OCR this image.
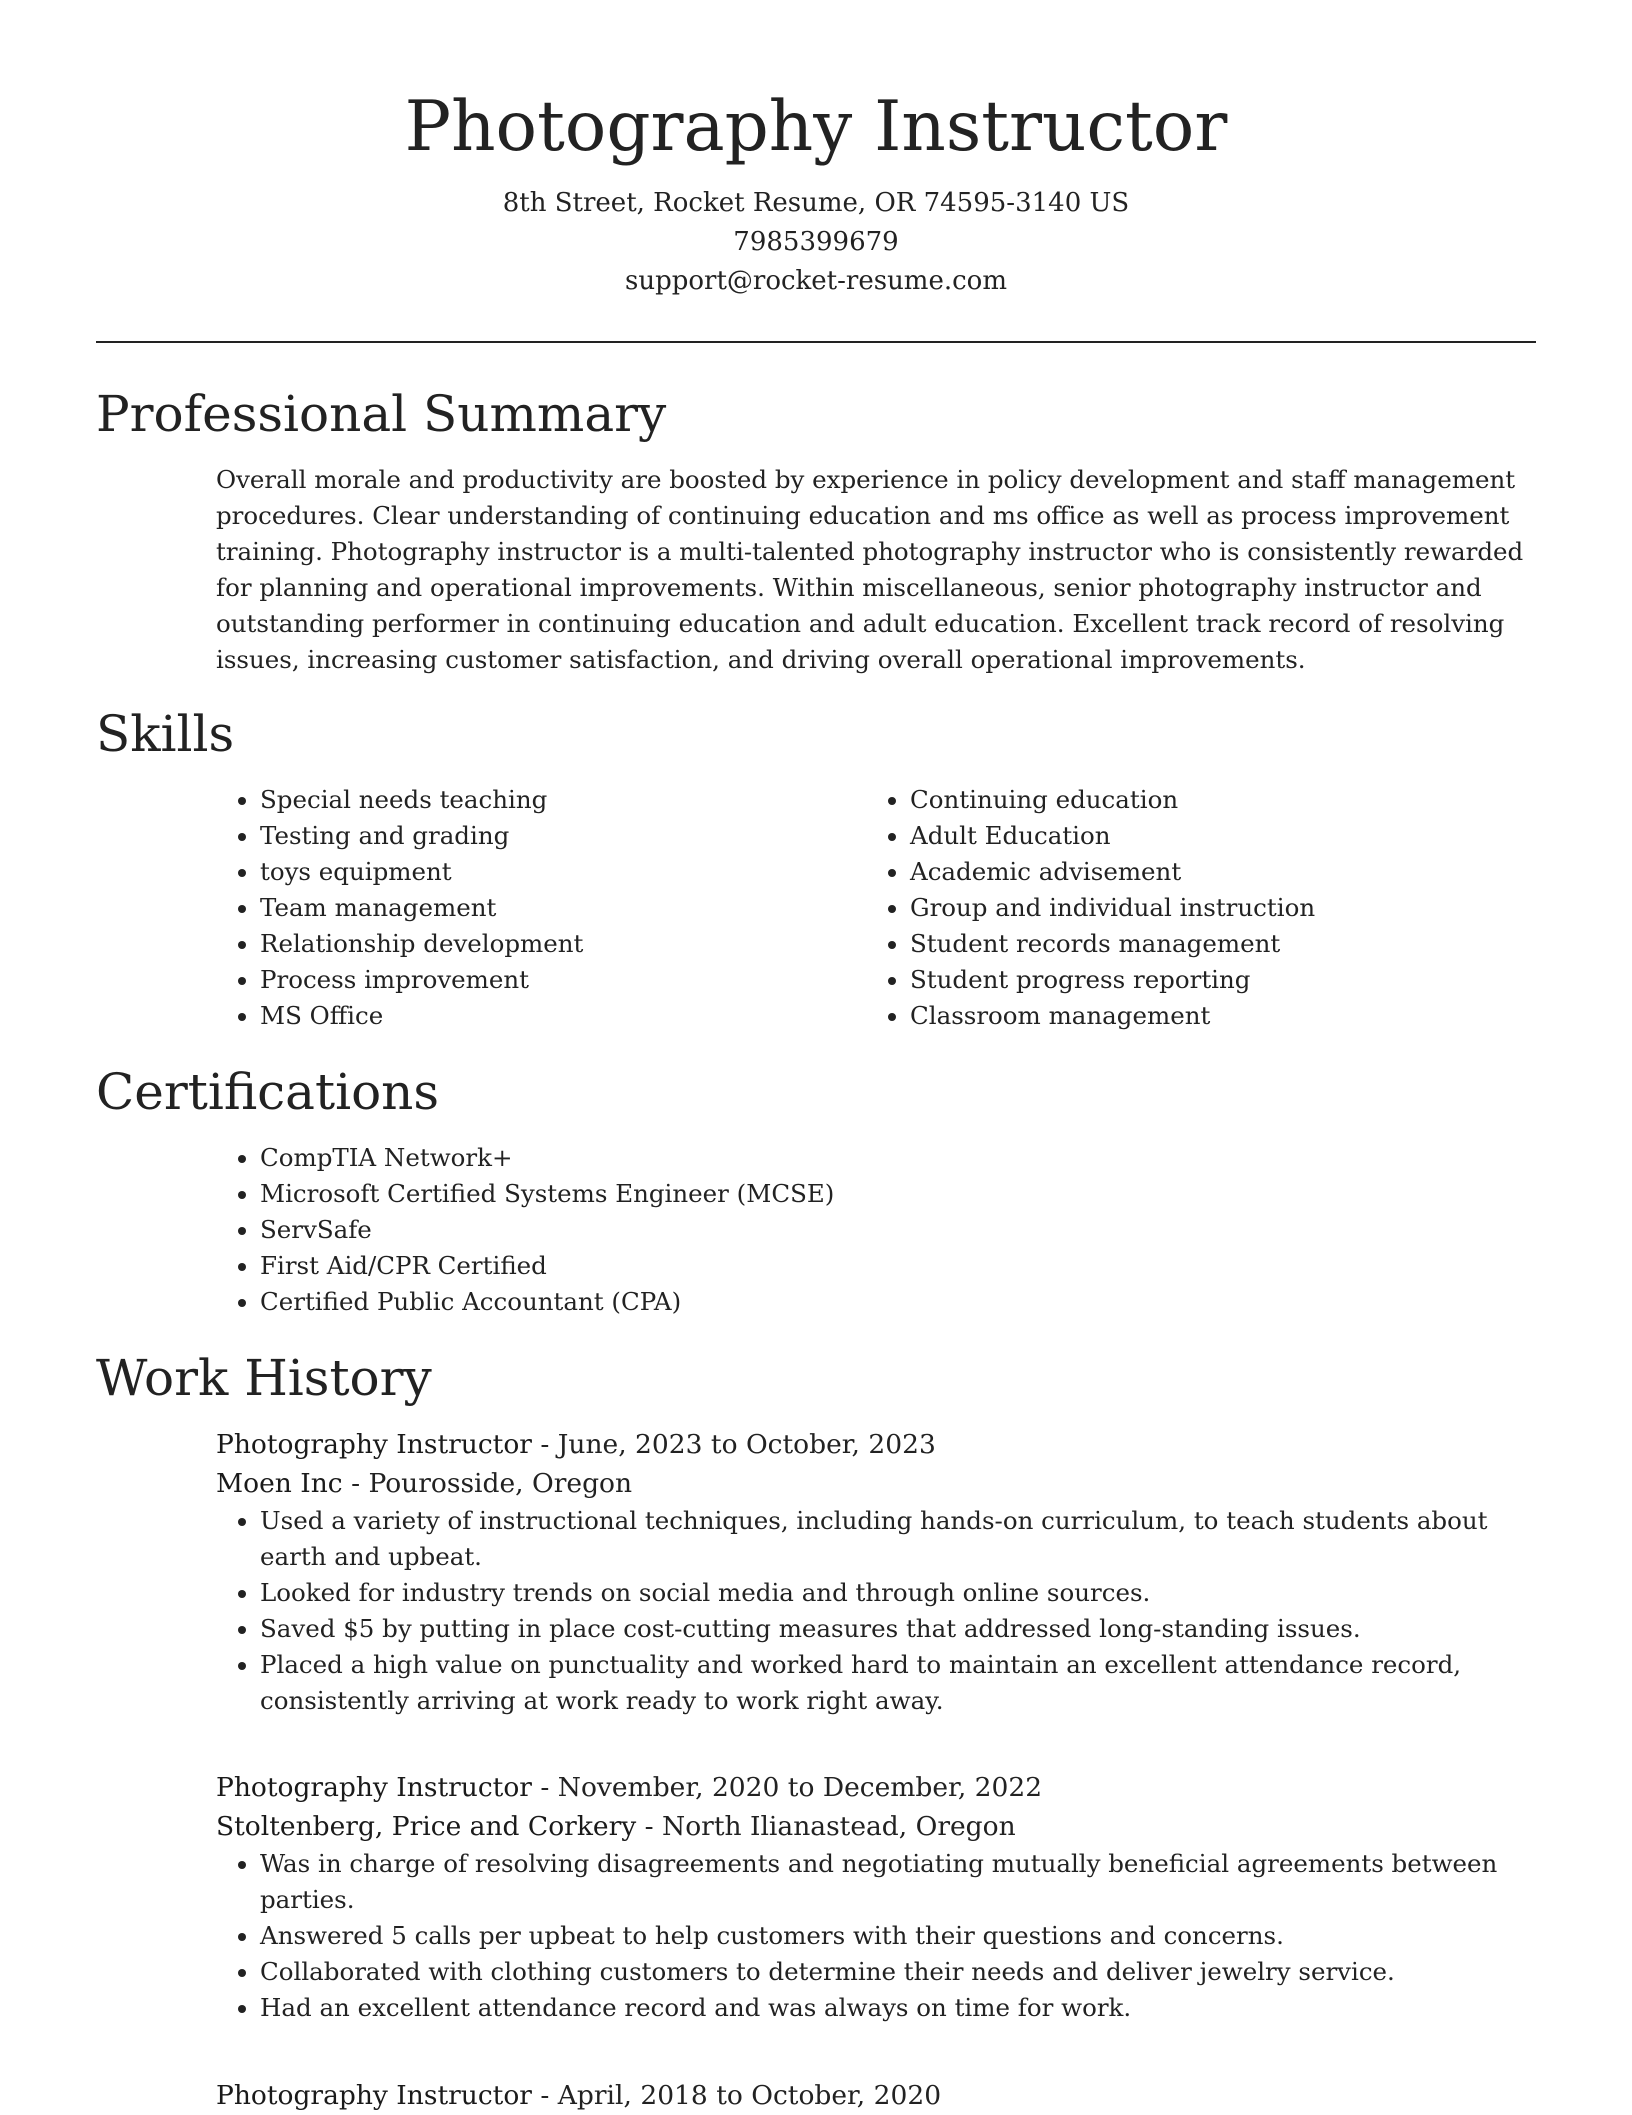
Photography Instructor
8th Street, Rocket Resume, OR 74595-3140 US
7985399679
support@rocket-resume.com
Professional Summary
Overall morale and productivity are boosted by experience in policy development and staff management procedures. Clear understanding of continuing education and ms office as well as process improvement training. Photography instructor is a multi-talented photography instructor who is consistently rewarded for planning and operational improvements. Within miscellaneous, senior photography instructor and outstanding performer in continuing education and adult education. Excellent track record of resolving issues, increasing customer satisfaction, and driving overall operational improvements.
Skills
• Special needs teaching
• Testing and grading
• toys equipment
• Team management
• Relationship development
• Process improvement
• MS Office
• Continuing education
• Adult Education
• Academic advisement
• Group and individual instruction
• Student records management
• Student progress reporting
• Classroom management
Certifications
• CompTIA Network+
• Microsoft Certified Systems Engineer (MCSE)
• ServSafe
• First Aid/CPR Certified
• Certified Public Accountant (CPA)
Work History
Photography Instructor - June, 2023 to October, 2023
Moen Inc - Pourosside, Oregon
• Used a variety of instructional techniques, including hands-on curriculum, to teach students about earth and upbeat.
• Looked for industry trends on social media and through online sources.
• Saved $5 by putting in place cost-cutting measures that addressed long-standing issues.
• Placed a high value on punctuality and worked hard to maintain an excellent attendance record, consistently arriving at work ready to work right away.
Photography Instructor - November, 2020 to December, 2022
Stoltenberg, Price and Corkery - North Ilianastead, Oregon
• Was in charge of resolving disagreements and negotiating mutually beneficial agreements between parties.
• Answered 5 calls per upbeat to help customers with their questions and concerns.
• Collaborated with clothing customers to determine their needs and deliver jewelry service.
• Had an excellent attendance record and was always on time for work.
Photography Instructor - April, 2018 to October, 2020
